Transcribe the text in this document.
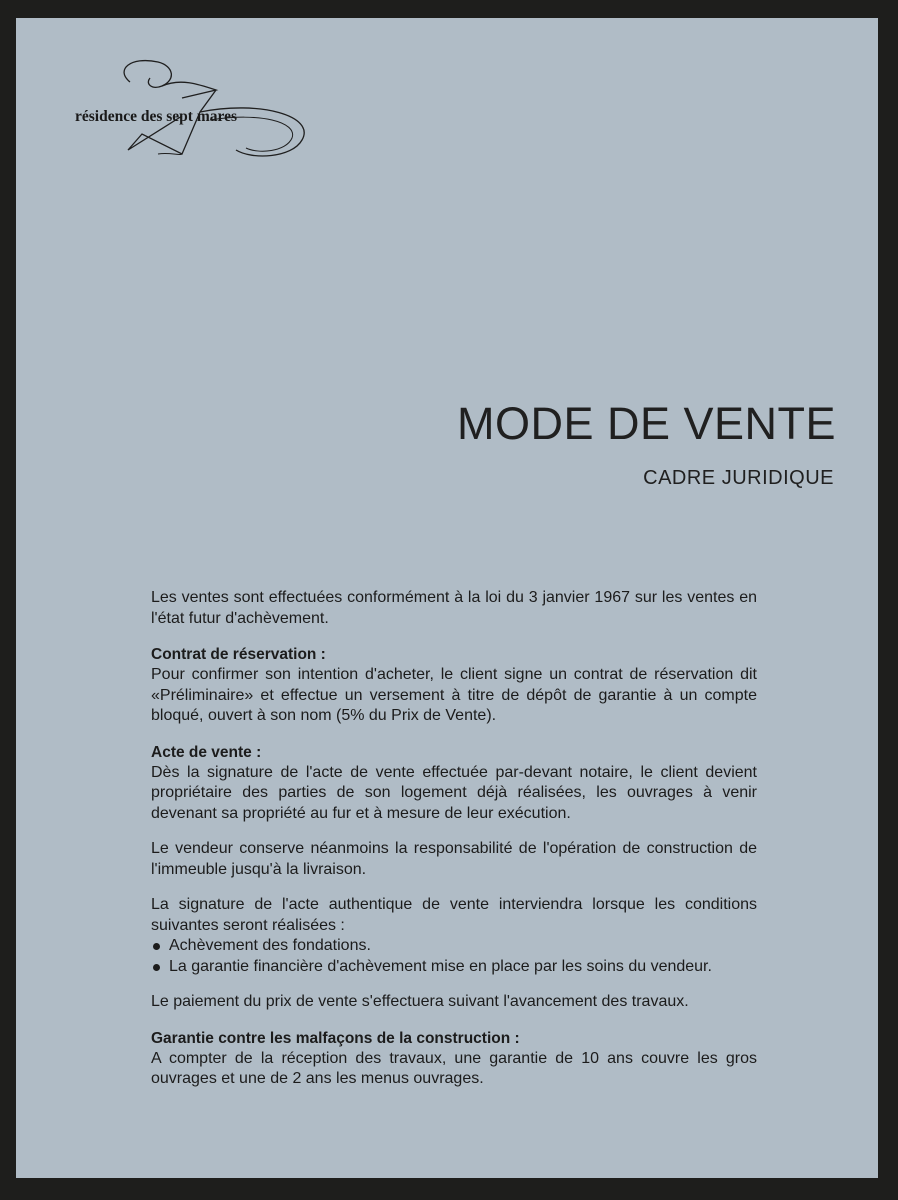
résidence des sept mares
MODE DE VENTE
CADRE JURIDIQUE

Les ventes sont effectuées conformément à la loi du 3 janvier 1967 sur les ventes en l'état futur d'achèvement.

Contrat de réservation :

Pour confirmer son intention d'acheter, le client signe un contrat de réservation dit «Préliminaire» et effectue un versement à titre de dépôt de garantie à un compte bloqué, ouvert à son nom (5% du Prix de Vente).

Acte de vente :

Dès la signature de l'acte de vente effectuée par-devant notaire, le client devient propriétaire des parties de son logement déjà réalisées, les ouvrages à venir devenant sa propriété au fur et à mesure de leur exécution.

Le vendeur conserve néanmoins la responsabilité de l'opération de construction de l'immeuble jusqu'à la livraison.

La signature de l'acte authentique de vente interviendra lorsque les conditions suivantes seront réalisées :

Achèvement des fondations.
La garantie financière d'achèvement mise en place par les soins du vendeur.

Le paiement du prix de vente s'effectuera suivant l'avancement des travaux.

Garantie contre les malfaçons de la construction :

A compter de la réception des travaux, une garantie de 10 ans couvre les gros ouvrages et une de 2 ans les menus ouvrages.
